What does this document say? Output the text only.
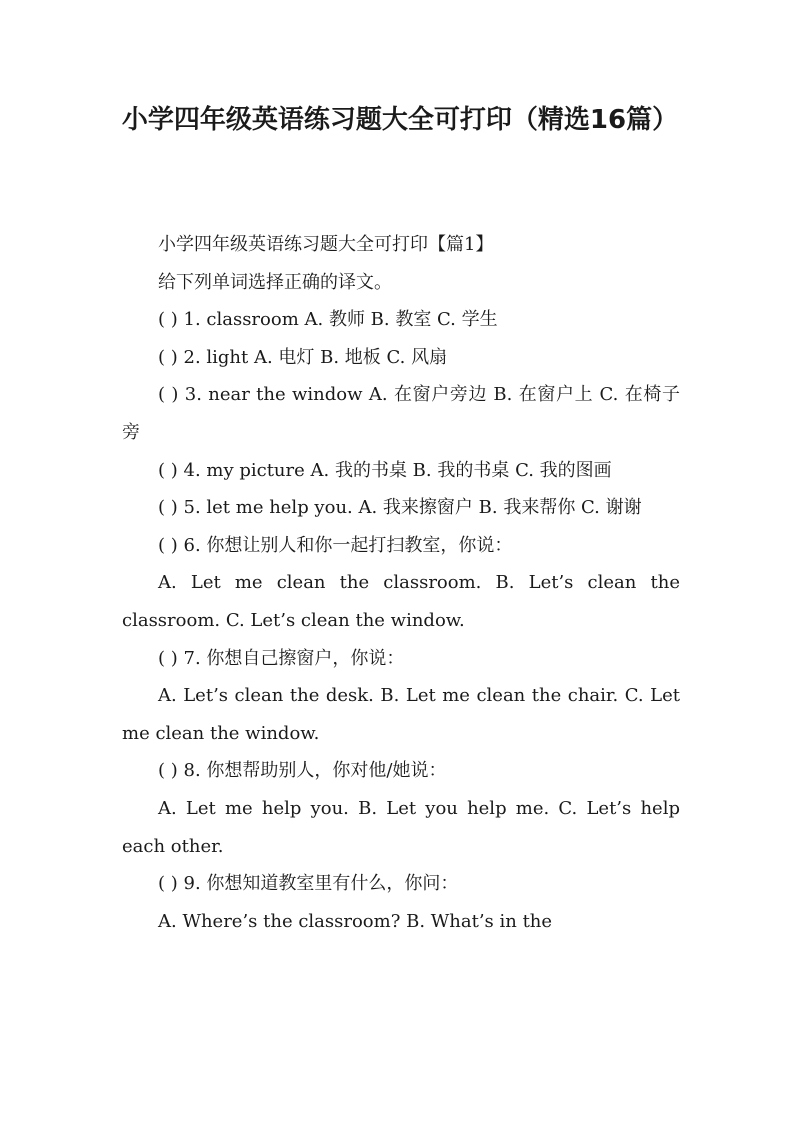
小学四年级英语练习题大全可打印（精选16篇）

小学四年级英语练习题大全可打印【篇1】

给下列单词选择正确的译文。

( ) 1. classroom A. 教师 B. 教室 C. 学生

( ) 2. light A. 电灯 B. 地板 C. 风扇

( ) 3. near the window A. 在窗户旁边 B. 在窗户上 C. 在椅子旁

( ) 4. my picture A. 我的书桌 B. 我的书桌 C. 我的图画

( ) 5. let me help you. A. 我来擦窗户 B. 我来帮你 C. 谢谢

( ) 6. 你想让别人和你一起打扫教室，你说：

A. Let me clean the classroom. B. Let’s clean the classroom. C. Let’s clean the window.

( ) 7. 你想自己擦窗户，你说：

A. Let’s clean the desk. B. Let me clean the chair. C. Let me clean the window.

( ) 8. 你想帮助别人，你对他/她说：

A. Let me help you. B. Let you help me. C. Let’s help each other.

( ) 9. 你想知道教室里有什么，你问：

A. Where’s the classroom? B. What’s in the
